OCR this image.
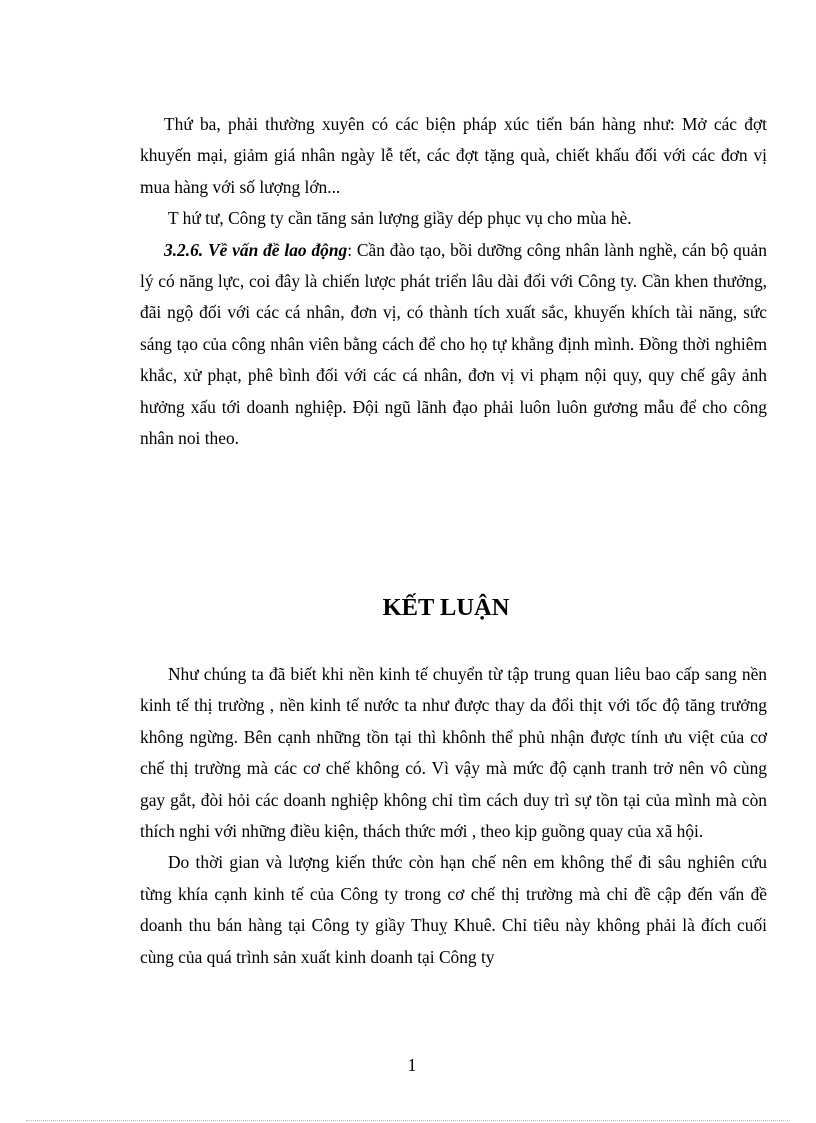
Thứ ba, phải thường xuyên có các biện pháp xúc tiến bán hàng như: Mở các đợt khuyến mại, giảm giá nhân ngày lễ tết, các đợt tặng quà, chiết khấu đối với các đơn vị mua hàng với số lượng lớn...

T hứ tư, Công ty cần tăng sản lượng giầy dép phục vụ cho mùa hè.

3.2.6. Về vấn đề lao động: Cần đào tạo, bồi dưỡng công nhân lành nghề, cán bộ quản lý có năng lực, coi đây là chiến lược phát triển lâu dài đối với Công ty. Cần khen thưởng, đãi ngộ đối với các cá nhân, đơn vị, có thành tích xuất sắc, khuyến khích tài năng, sức sáng tạo của công nhân viên bằng cách để cho họ tự khẳng định mình. Đồng thời nghiêm khắc, xử phạt, phê bình đối với các cá nhân, đơn vị vi phạm nội quy, quy chế gây ảnh hưởng xấu tới doanh nghiệp. Đội ngũ lãnh đạo phải luôn luôn gương mẫu để cho công nhân noi theo.

KẾT LUẬN

Như chúng ta đã biết khi nền kinh tế chuyển từ tập trung quan liêu bao cấp sang nền kinh tế thị trường , nền kinh tế nước ta như được thay da đổi thịt với tốc độ tăng trưởng không ngừng. Bên cạnh những tồn tại thì khônh thể phủ nhận được tính ưu việt của cơ chế thị trường mà các cơ chế không có. Vì vậy mà mức độ cạnh tranh trở nên vô cùng gay gắt, đòi hỏi các doanh nghiệp không chỉ tìm cách duy trì sự tồn tại của mình mà còn thích nghi với những điều kiện, thách thức mới , theo kịp guồng quay của xã hội.

Do thời gian và lượng kiến thức còn hạn chế nên em không thể đi sâu nghiên cứu từng khía cạnh kinh tế của Công ty trong cơ chế thị trường mà chỉ đề cập đến vấn đề doanh thu bán hàng tại Công ty giầy Thuỵ Khuê. Chỉ tiêu này không phải là đích cuối cùng của quá trình sản xuất kinh doanh tại Công ty

1
